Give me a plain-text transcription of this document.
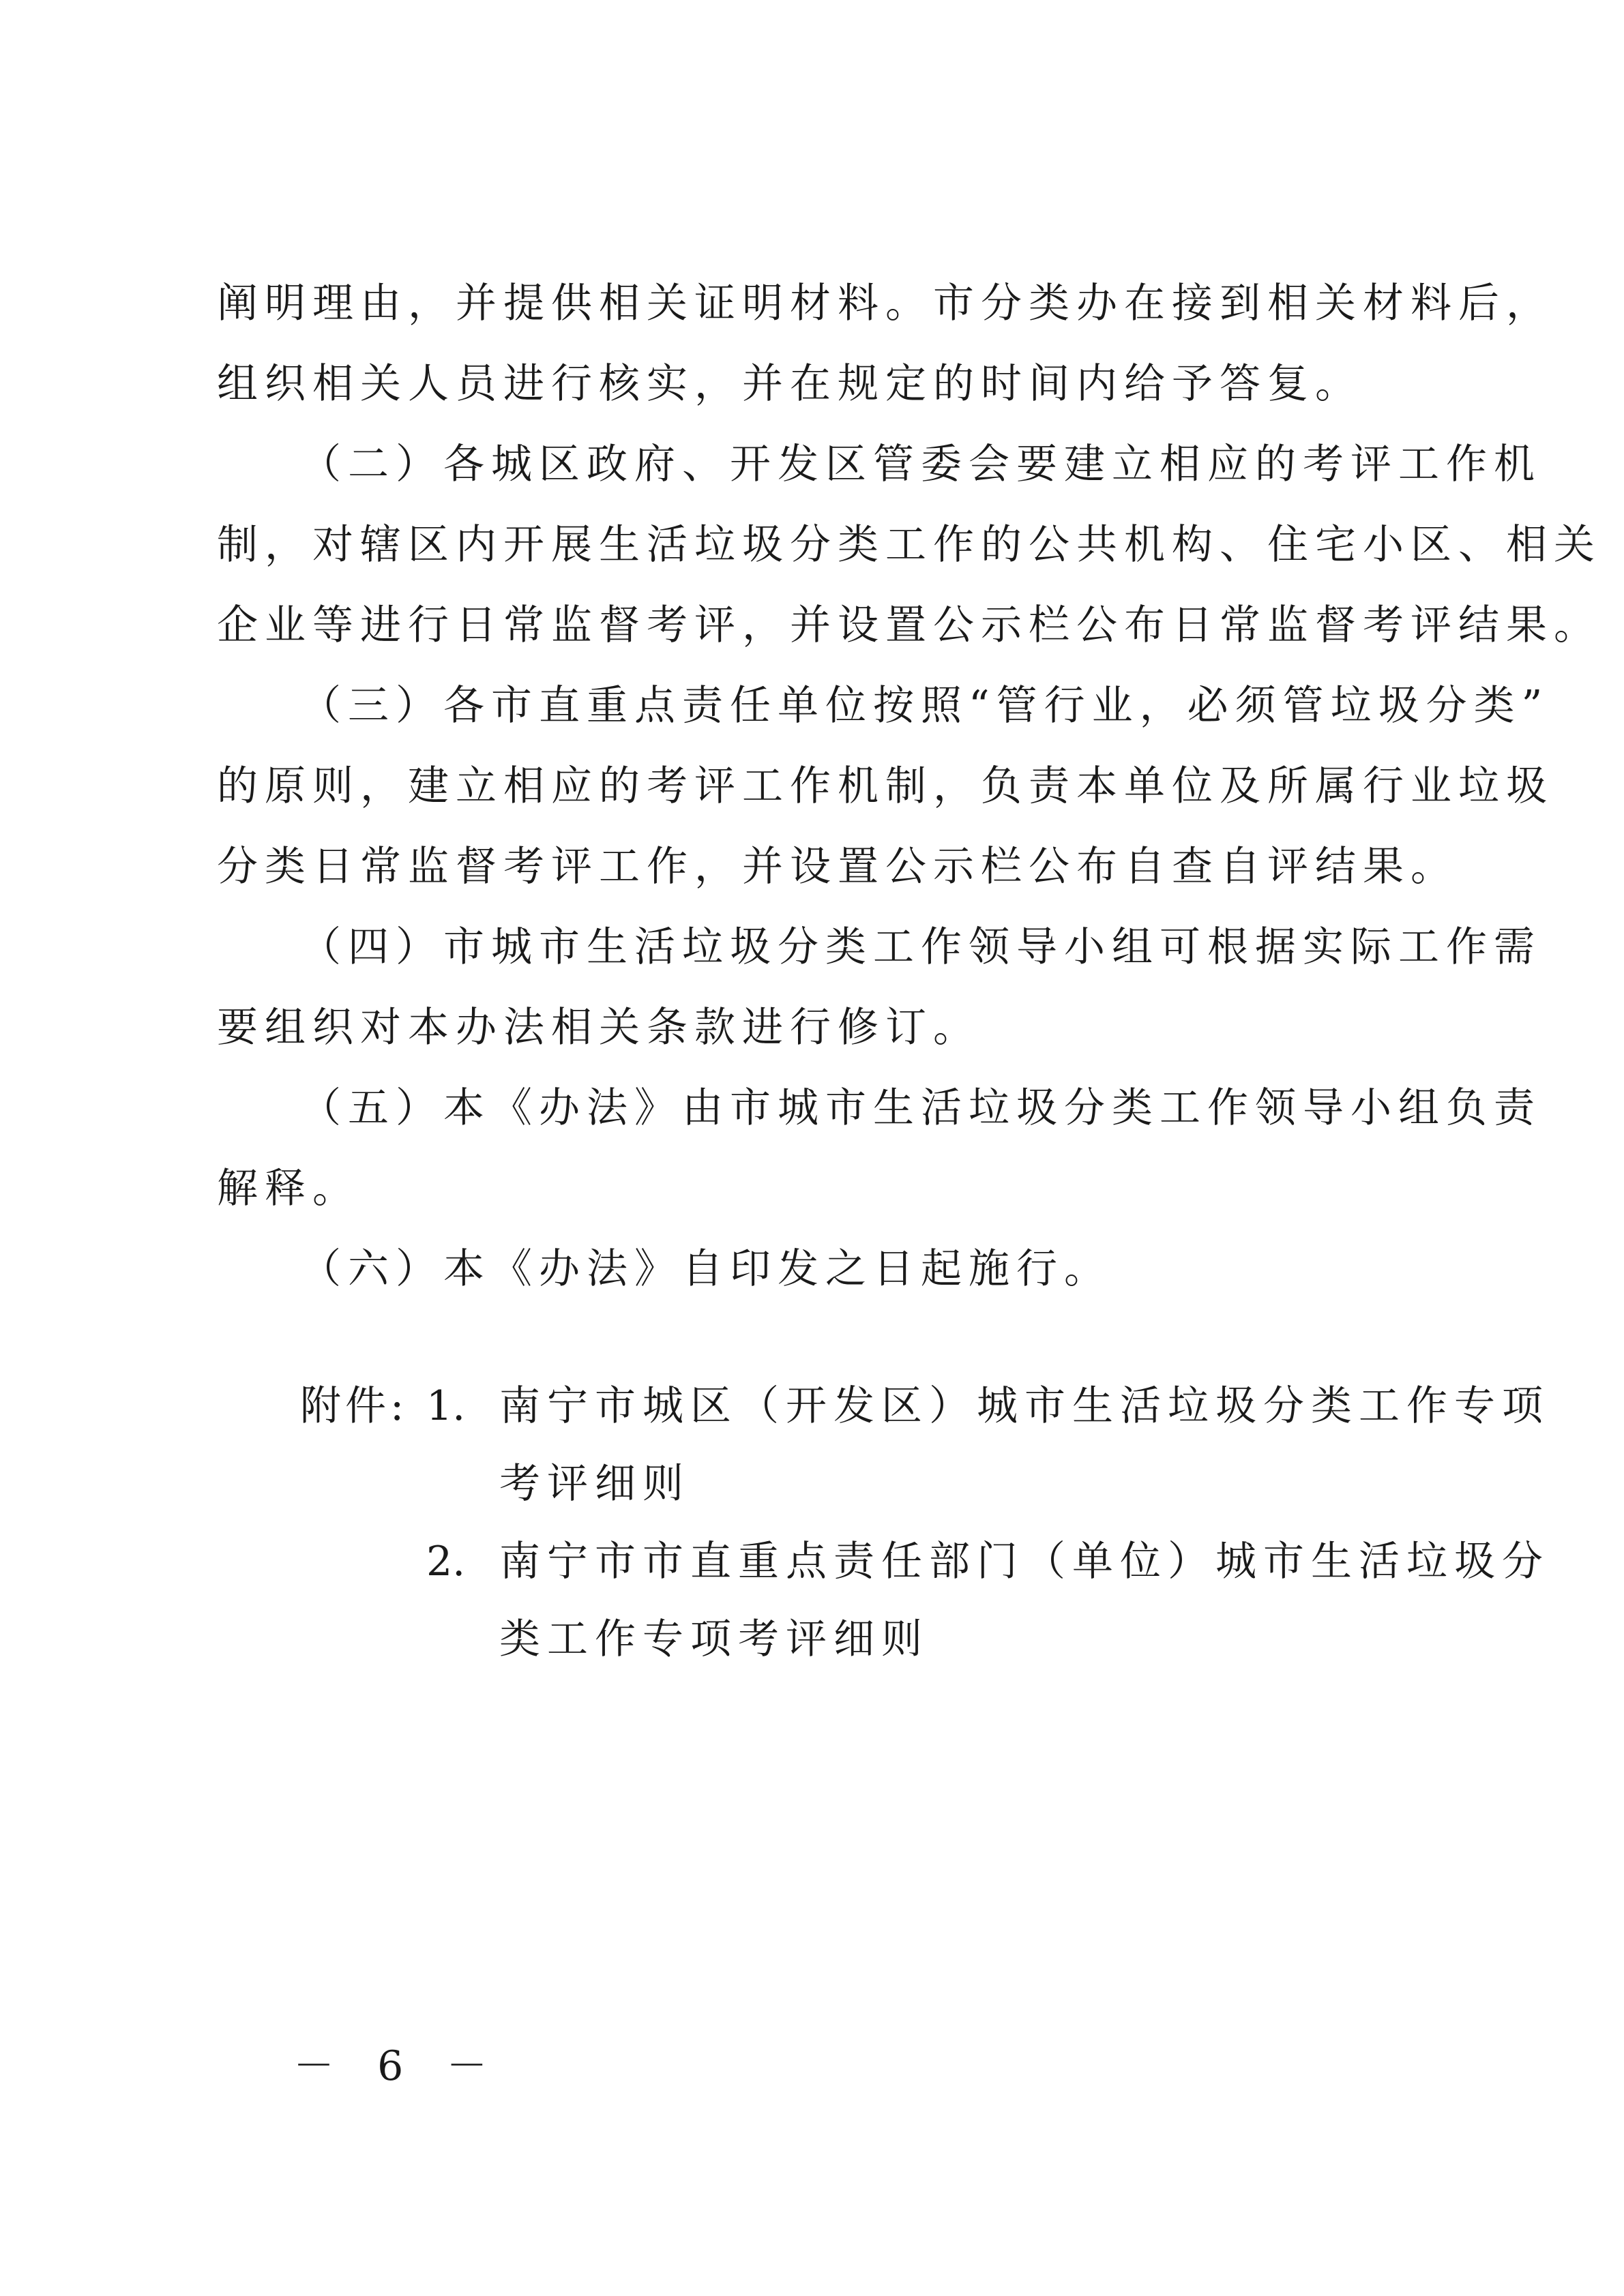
阐明理由，并提供相关证明材料。市分类办在接到相关材料后，
组织相关人员进行核实，并在规定的时间内给予答复。
（二）各城区政府、开发区管委会要建立相应的考评工作机
制，对辖区内开展生活垃圾分类工作的公共机构、住宅小区、相关
企业等进行日常监督考评，并设置公示栏公布日常监督考评结果。
（三）各市直重点责任单位按照“管行业，必须管垃圾分类”
的原则，建立相应的考评工作机制，负责本单位及所属行业垃圾
分类日常监督考评工作，并设置公示栏公布自查自评结果。
（四）市城市生活垃圾分类工作领导小组可根据实际工作需
要组织对本办法相关条款进行修订。
（五）本《办法》由市城市生活垃圾分类工作领导小组负责
解释。
（六）本《办法》自印发之日起施行。
附件: 1. 南宁市城区（开发区）城市生活垃圾分类工作专项
考评细则
2. 南宁市市直重点责任部门（单位）城市生活垃圾分
类工作专项考评细则
－ 6 －
